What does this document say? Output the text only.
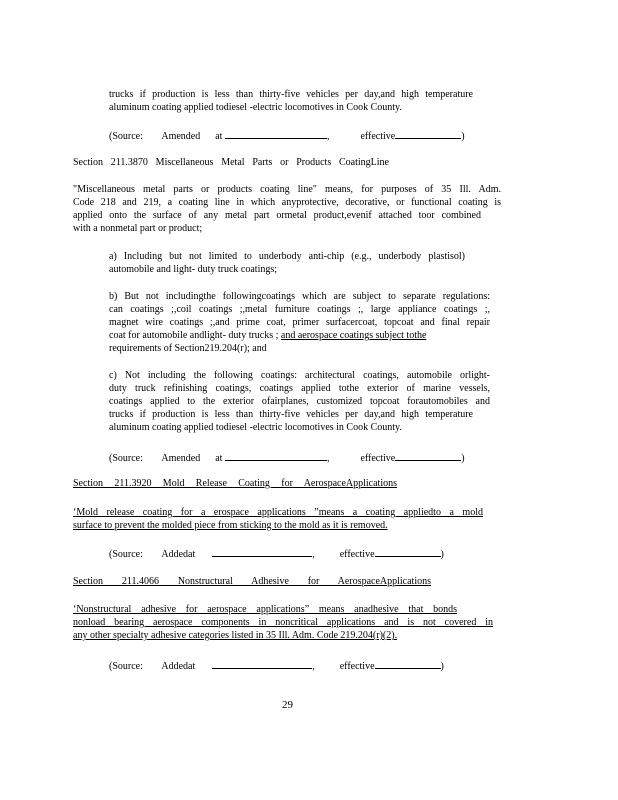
trucks if production is less than thirty-five vehicles per day,and high temperature
aluminum coating applied todiesel -electric locomotives in Cook County.
(Source: Amended at	,	effective	)
Section 211.3870 Miscellaneous Metal Parts or Products CoatingLine
"Miscellaneous metal parts or products coating line" means, for purposes of 35 Ill. Adm.
Code 218 and 219, a coating line in which anyprotective, decorative, or functional coating is
applied onto the surface of any metal part ormetal product,evenif attached toor combined
with a nonmetal part or product;
a) Including but not limited to underbody anti-chip (e.g., underbody plastisol)
automobile and light- duty truck coatings;
b) But not includingthe followingcoatings which are subject to separate regulations:
can coatings ;,coil coatings ;,metal furniture coatings ;, large appliance coatings ;,
magnet wire coatings ;,and prime coat, primer surfacercoat, topcoat and final repair
coat for automobile andlight- duty trucks ; and aerospace coatings subject tothe
requirements of Section219.204(r); and
c) Not including the following coatings: architectural coatings, automobile orlight-
duty truck refinishing coatings, coatings applied tothe exterior of marine vessels,
coatings applied to the exterior ofairplanes, customized topcoat forautomobiles and
trucks if production is less than thirty-five vehicles per day,and high temperature
aluminum coating applied todiesel -electric locomotives in Cook County.
(Source: Amended at	,	effective	)
Section 211.3920 Mold Release Coating for AerospaceApplications
‘Mold release coating for a erospace applications ”means a coating appliedto a mold
surface to prevent the molded piece from sticking to the mold as it is removed.
(Source: Addedat	,	effective	)
Section 211.4066 Nonstructural Adhesive for AerospaceApplications
‘Nonstructural adhesive for aerospace applications” means anadhesive that bonds
nonload bearing aerospace components in noncritical applications and is not covered in
any other specialty adhesive categories listed in 35 Ill. Adm. Code 219.204(r)(2).
(Source: Addedat	,	effective	)
29
